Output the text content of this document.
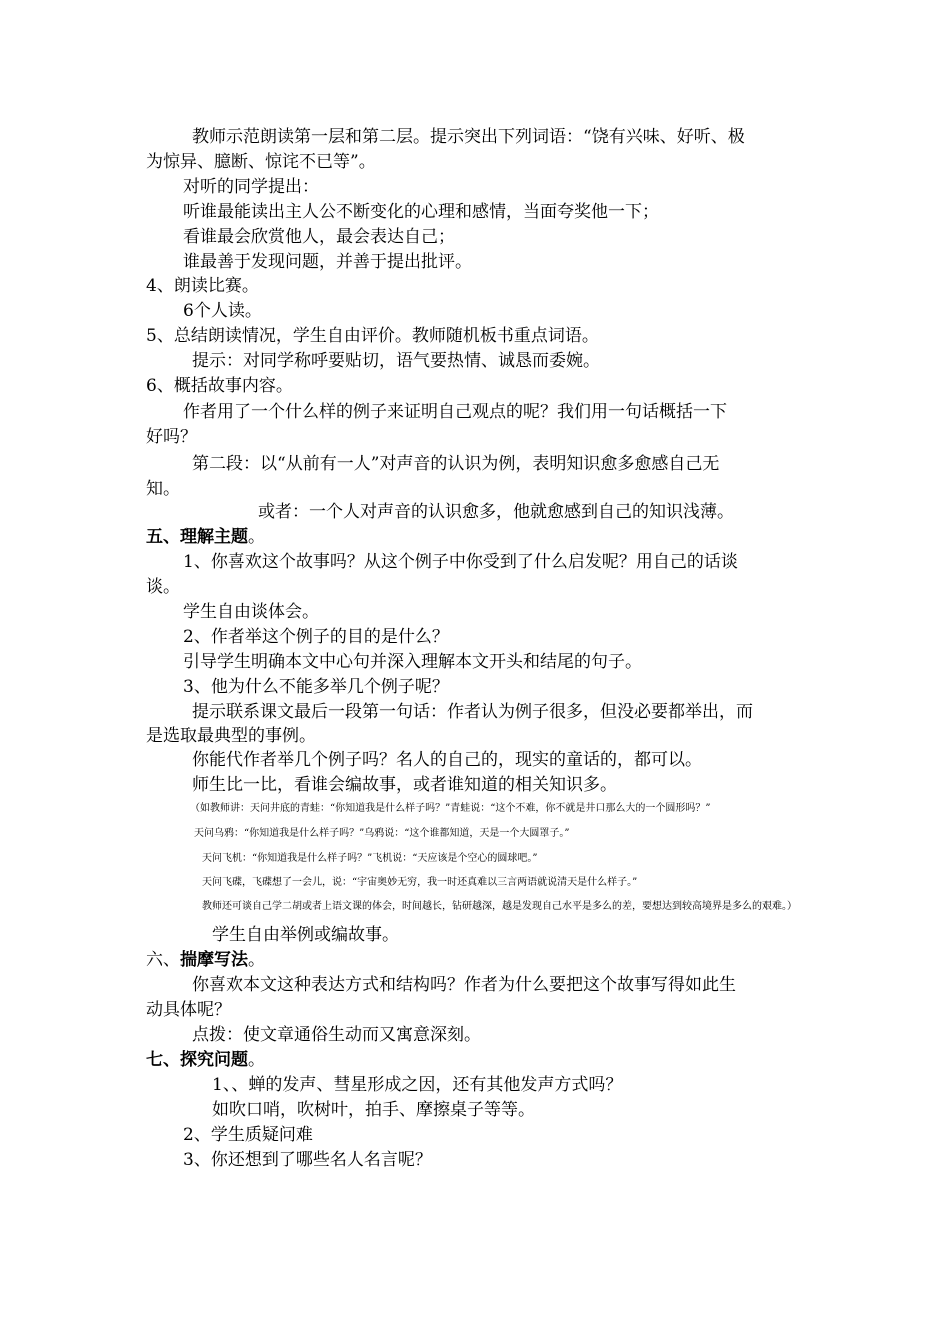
教师示范朗读第一层和第二层。提示突出下列词语：“饶有兴味、好听、极
为惊异、臆断、惊诧不已等”。
对听的同学提出：
听谁最能读出主人公不断变化的心理和感情，当面夸奖他一下；
看谁最会欣赏他人，最会表达自己；
谁最善于发现问题，并善于提出批评。
4、朗读比赛。
6个人读。
5、总结朗读情况，学生自由评价。教师随机板书重点词语。
提示：对同学称呼要贴切，语气要热情、诚恳而委婉。
6、概括故事内容。
作者用了一个什么样的例子来证明自己观点的呢？我们用一句话概括一下
好吗？
第二段：以“从前有一人”对声音的认识为例，表明知识愈多愈感自己无
知。
或者：一个人对声音的认识愈多，他就愈感到自己的知识浅薄。
五、理解主题。
1、你喜欢这个故事吗？从这个例子中你受到了什么启发呢？用自己的话谈
谈。
学生自由谈体会。
2、作者举这个例子的目的是什么？
引导学生明确本文中心句并深入理解本文开头和结尾的句子。
3、他为什么不能多举几个例子呢？
提示联系课文最后一段第一句话：作者认为例子很多，但没必要都举出，而
是选取最典型的事例。
你能代作者举几个例子吗？名人的自己的，现实的童话的，都可以。
师生比一比，看谁会编故事，或者谁知道的相关知识多。
（如教师讲：天问井底的青蛙：“你知道我是什么样子吗？”青蛙说：“这个不难，你不就是井口那么大的一个圆形吗？”
天问乌鸦：“你知道我是什么样子吗？”乌鸦说：“这个谁都知道，天是一个大圆罩子。”
天问飞机：“你知道我是什么样子吗？”飞机说：“天应该是个空心的圆球吧。”
天问飞碟，飞碟想了一会儿，说：“宇宙奥妙无穷，我一时还真难以三言两语就说清天是什么样子。”
教师还可谈自己学二胡或者上语文课的体会，时间越长，钻研越深，越是发现自己水平是多么的差，要想达到较高境界是多么的艰难。）
学生自由举例或编故事。
六、揣摩写法。
你喜欢本文这种表达方式和结构吗？作者为什么要把这个故事写得如此生
动具体呢？
点拨：使文章通俗生动而又寓意深刻。
七、探究问题。
1、、蝉的发声、彗星形成之因，还有其他发声方式吗？
如吹口哨，吹树叶，拍手、摩擦桌子等等。
2、学生质疑问难
3、你还想到了哪些名人名言呢？
